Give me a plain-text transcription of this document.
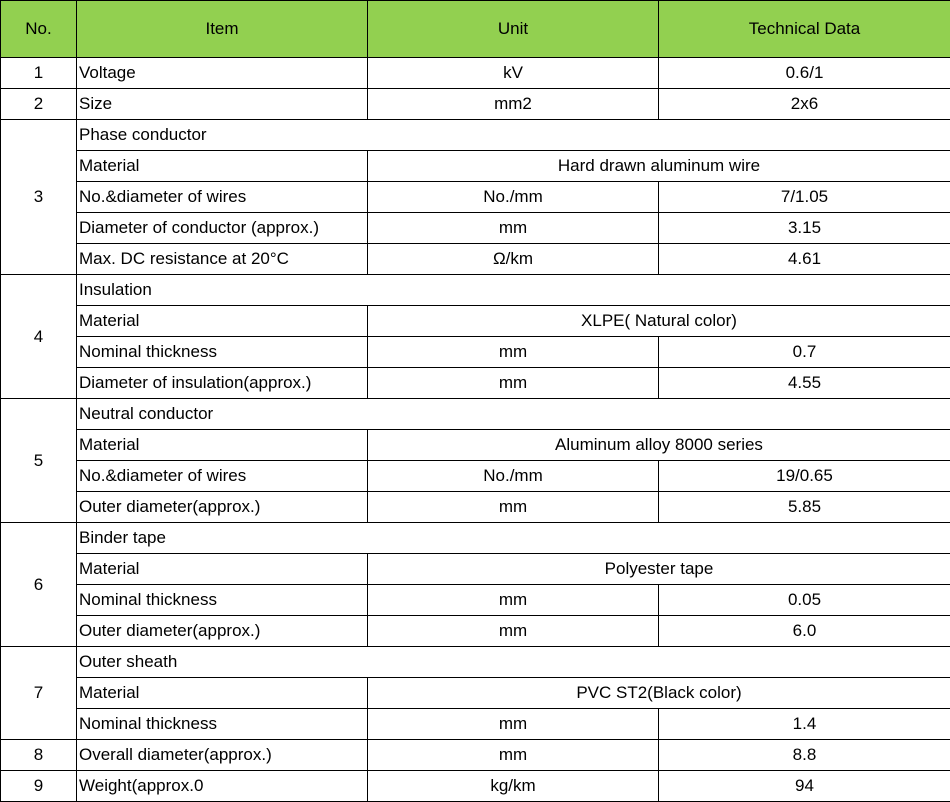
No.	Item	Unit	Technical Data
1	Voltage	kV	0.6/1
2	Size	mm2	2x6
3	Phase conductor		
	Material	Hard drawn aluminum wire	
	No.&diameter of wires	No./mm	7/1.05
	Diameter of conductor (approx.)	mm	3.15
	Max. DC resistance at 20°C	Ω/km	4.61
4	Insulation		
	Material	XLPE( Natural color)	
	Nominal thickness	mm	0.7
	Diameter of insulation(approx.)	mm	4.55
5	Neutral conductor		
	Material	Aluminum alloy 8000 series	
	No.&diameter of wires	No./mm	19/0.65
	Outer diameter(approx.)	mm	5.85
6	Binder tape		
	Material	Polyester tape	
	Nominal thickness	mm	0.05
	Outer diameter(approx.)	mm	6.0
7	Outer sheath		
	Material	PVC ST2(Black color)	
	Nominal thickness	mm	1.4
8	Overall diameter(approx.)	mm	8.8
9	Weight(approx.0	kg/km	94
